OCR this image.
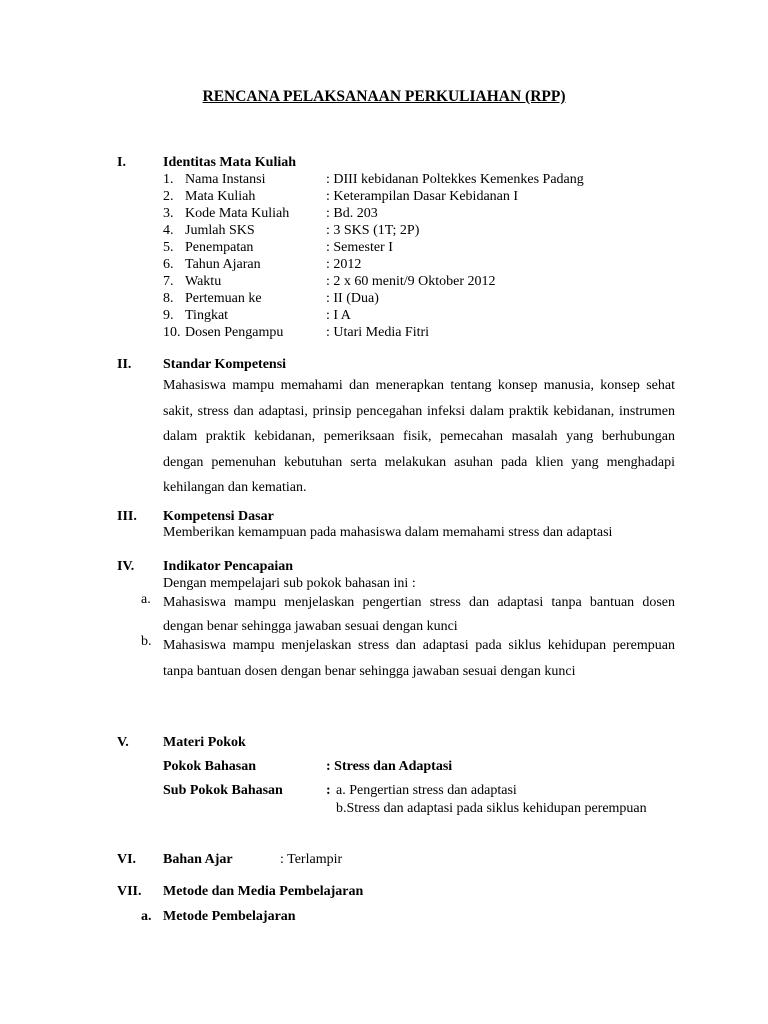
RENCANA PELAKSANAAN PERKULIAHAN (RPP)
I.	Identitas Mata Kuliah
1. Nama Instansi	: DIII kebidanan Poltekkes Kemenkes Padang
2. Mata Kuliah	: Keterampilan Dasar Kebidanan I
3. Kode Mata Kuliah	: Bd. 203
4. Jumlah SKS	: 3 SKS (1T; 2P)
5. Penempatan	: Semester I
6. Tahun Ajaran	: 2012
7. Waktu	: 2 x 60 menit/9 Oktober 2012
8. Pertemuan ke	: II (Dua)
9. Tingkat	: I A
10. Dosen Pengampu	: Utari Media Fitri
II. Standar Kompetensi
Mahasiswa mampu memahami dan menerapkan tentang konsep manusia, konsep sehat sakit, stress dan adaptasi, prinsip pencegahan infeksi dalam praktik kebidanan, instrumen dalam praktik kebidanan, pemeriksaan fisik, pemecahan masalah yang berhubungan dengan pemenuhan kebutuhan serta melakukan asuhan pada klien yang menghadapi kehilangan dan kematian.
III. Kompetensi Dasar
Memberikan kemampuan pada mahasiswa dalam memahami stress dan adaptasi
IV. Indikator Pencapaian
Dengan mempelajari sub pokok bahasan ini :
a. Mahasiswa mampu menjelaskan pengertian stress dan adaptasi tanpa bantuan dosen dengan benar sehingga jawaban sesuai dengan kunci
b. Mahasiswa mampu menjelaskan stress dan adaptasi pada siklus kehidupan perempuan tanpa bantuan dosen dengan benar sehingga jawaban sesuai dengan kunci
V. Materi Pokok
Pokok Bahasan	: Stress dan Adaptasi
Sub Pokok Bahasan	: a. Pengertian stress dan adaptasi
b.Stress dan adaptasi pada siklus kehidupan perempuan
VI. Bahan Ajar	: Terlampir
VII. Metode dan Media Pembelajaran
a. Metode Pembelajaran
